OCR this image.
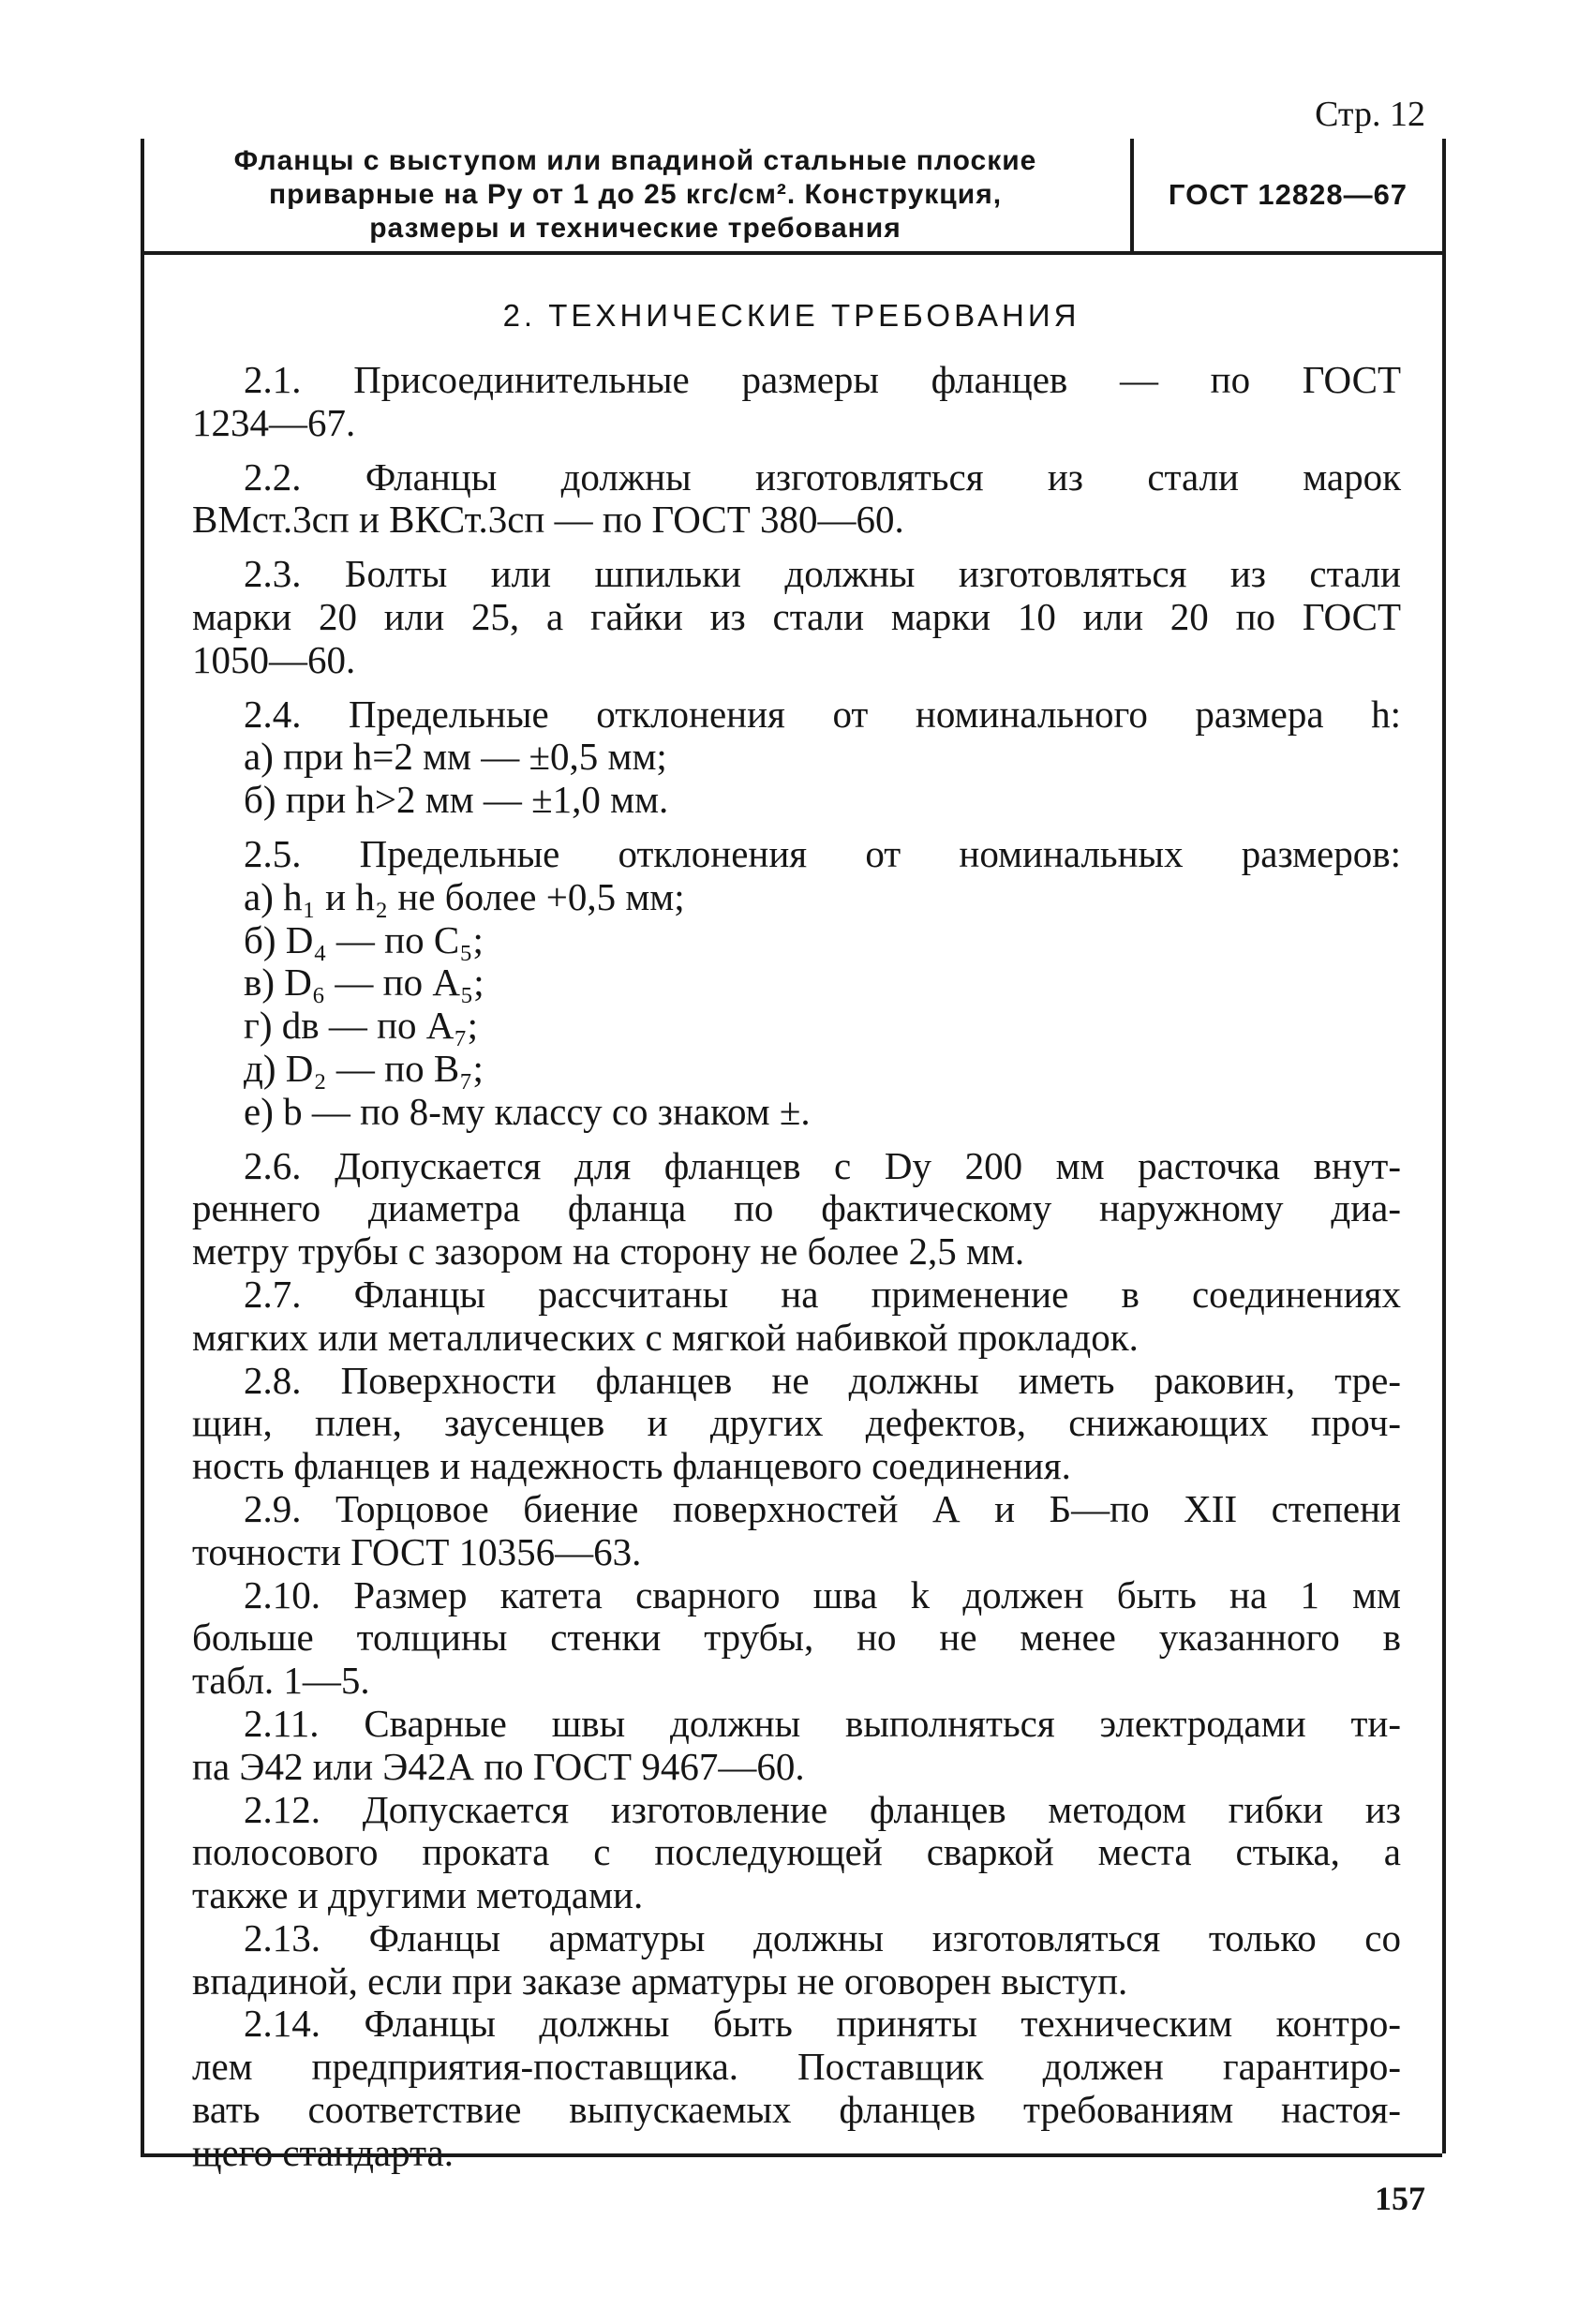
Стр. 12
Фланцы с выступом или впадиной стальные плоские
приварные на Pу от 1 до 25 кгс/см². Конструкция,
размеры и технические требования
ГОСТ 12828—67
2. ТЕХНИЧЕСКИЕ ТРЕБОВАНИЯ

2.1. Присоединительные размеры фланцев — по ГОСТ

1234—67.

2.2. Фланцы должны изготовляться из стали марок

ВМст.3сп и ВКСт.3сп — по ГОСТ 380—60.

2.3. Болты или шпильки должны изготовляться из стали

марки 20 или 25, а гайки из стали марки 10 или 20 по ГОСТ

1050—60.

2.4. Предельные отклонения от номинального размера h:

а) при h=2 мм — ±0,5 мм;

б) при h>2 мм — ±1,0 мм.

2.5. Предельные отклонения от номинальных размеров:

а) h₁ и h₂ не более +0,5 мм;

б) D₄ — по C₅;

в) D₆ — по A₅;

г) dв — по A₇;

д) D₂ — по B₇;

е) b — по 8-му классу со знаком ±.

2.6. Допускается для фланцев с Dу 200 мм расточка внут-

реннего диаметра фланца по фактическому наружному диа-

метру трубы с зазором на сторону не более 2,5 мм.

2.7. Фланцы рассчитаны на применение в соединениях

мягких или металлических с мягкой набивкой прокладок.

2.8. Поверхности фланцев не должны иметь раковин, тре-

щин, плен, заусенцев и других дефектов, снижающих проч-

ность фланцев и надежность фланцевого соединения.

2.9. Торцовое биение поверхностей А и Б—по XII степени

точности ГОСТ 10356—63.

2.10. Размер катета сварного шва k должен быть на 1 мм

больше толщины стенки трубы, но не менее указанного в

табл. 1—5.

2.11. Сварные швы должны выполняться электродами ти-

па Э42 или Э42А по ГОСТ 9467—60.

2.12. Допускается изготовление фланцев методом гибки из

полосового проката с последующей сваркой места стыка, а

также и другими методами.

2.13. Фланцы арматуры должны изготовляться только со

впадиной, если при заказе арматуры не оговорен выступ.

2.14. Фланцы должны быть приняты техническим контро-

лем предприятия-поставщика. Поставщик должен гарантиро-

вать соответствие выпускаемых фланцев требованиям настоя-

щего стандарта.

157
